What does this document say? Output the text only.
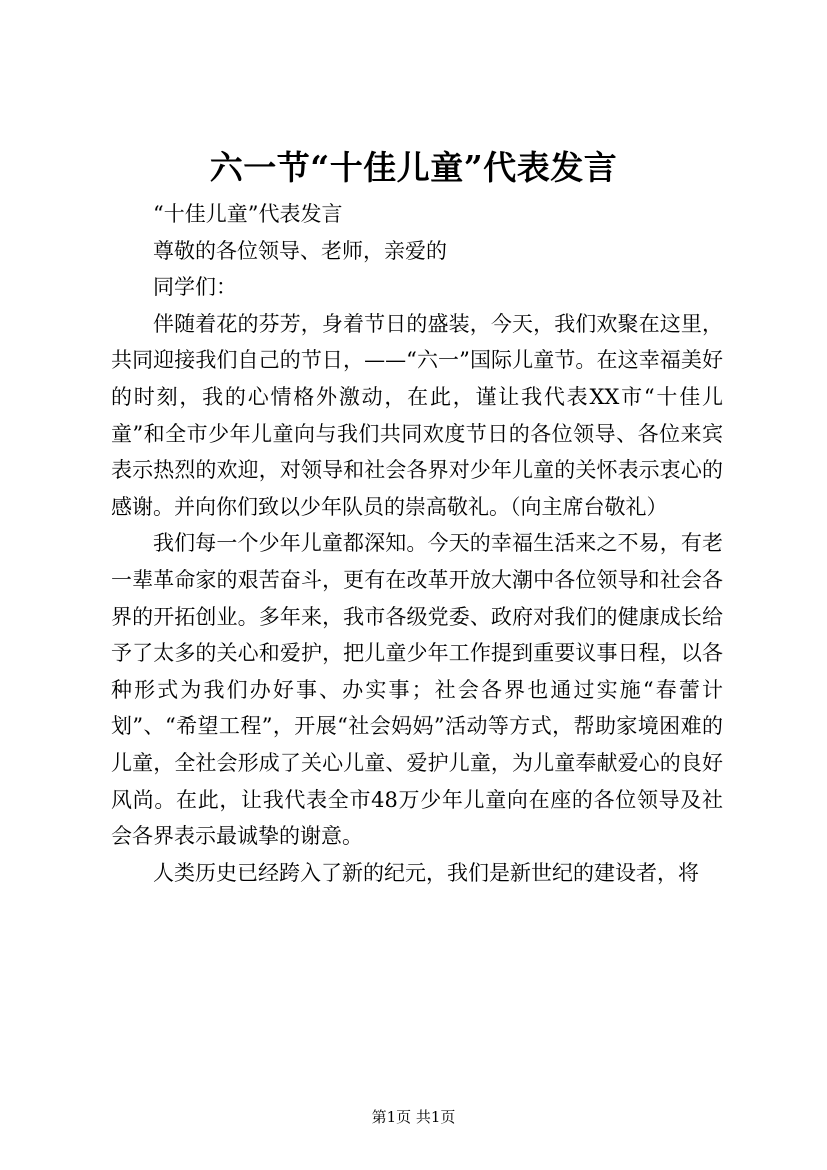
六一节“十佳儿童”代表发言

“十佳儿童”代表发言

尊敬的各位领导、老师，亲爱的

同学们：

伴随着花的芬芳，身着节日的盛装，今天，我们欢聚在这里，共同迎接我们自己的节日，——“六一”国际儿童节。在这幸福美好的时刻，我的心情格外激动，在此，谨让我代表XX市“十佳儿童”和全市少年儿童向与我们共同欢度节日的各位领导、各位来宾表示热烈的欢迎，对领导和社会各界对少年儿童的关怀表示衷心的感谢。并向你们致以少年队员的崇高敬礼。（向主席台敬礼）

我们每一个少年儿童都深知。今天的幸福生活来之不易，有老一辈革命家的艰苦奋斗，更有在改革开放大潮中各位领导和社会各界的开拓创业。多年来，我市各级党委、政府对我们的健康成长给予了太多的关心和爱护，把儿童少年工作提到重要议事日程，以各种形式为我们办好事、办实事；社会各界也通过实施“春蕾计划”、“希望工程”，开展“社会妈妈”活动等方式，帮助家境困难的儿童，全社会形成了关心儿童、爱护儿童，为儿童奉献爱心的良好风尚。在此，让我代表全市48万少年儿童向在座的各位领导及社会各界表示最诚挚的谢意。

人类历史已经跨入了新的纪元，我们是新世纪的建设者，将

第1页 共1页
